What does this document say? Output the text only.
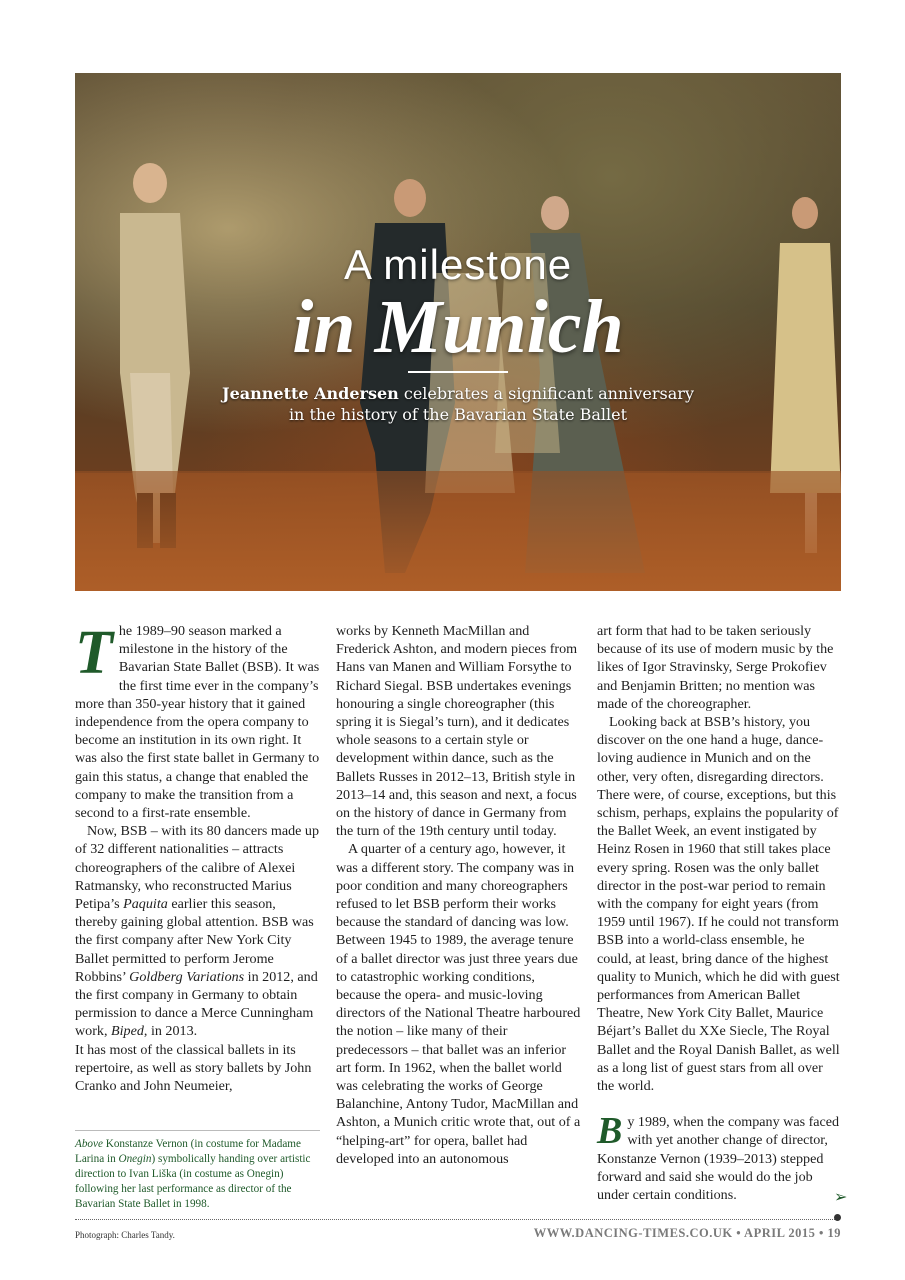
A milestone
in Munich
Jeannette Andersen celebrates a significant anniversary
in the history of the Bavarian State Ballet

The 1989–90 season marked a milestone in the history of the Bavarian State Ballet (BSB). It was the first time ever in the company’s more than 350-year history that it gained independence from the opera company to become an institution in its own right. It was also the first state ballet in Germany to gain this status, a change that enabled the company to make the transition from a second to a first-rate ensemble.

Now, BSB – with its 80 dancers made up of 32 different nationalities – attracts choreographers of the calibre of Alexei Ratmansky, who reconstructed Marius Petipa’s Paquita earlier this season, thereby gaining global attention. BSB was the first company after New York City Ballet permitted to perform Jerome Robbins’ Goldberg Variations in 2012, and the first company in Germany to obtain permission to dance a Merce Cunningham work, Biped, in 2013.

It has most of the classical ballets in its repertoire, as well as story ballets by John Cranko and John Neumeier,

works by Kenneth MacMillan and Frederick Ashton, and modern pieces from Hans van Manen and William Forsythe to Richard Siegal. BSB undertakes evenings honouring a single choreographer (this spring it is Siegal’s turn), and it dedicates whole seasons to a certain style or development within dance, such as the Ballets Russes in 2012–13, British style in 2013–14 and, this season and next, a focus on the history of dance in Germany from the turn of the 19th century until today.

A quarter of a century ago, however, it was a different story. The company was in poor condition and many choreographers refused to let BSB perform their works because the standard of dancing was low. Between 1945 to 1989, the average tenure of a ballet director was just three years due to catastrophic working conditions, because the opera- and music-loving directors of the National Theatre harboured the notion – like many of their predecessors – that ballet was an inferior art form. In 1962, when the ballet world was celebrating the works of George Balanchine, Antony Tudor, MacMillan and Ashton, a Munich critic wrote that, out of a “helping-art” for opera, ballet had developed into an autonomous

art form that had to be taken seriously because of its use of modern music by the likes of Igor Stravinsky, Serge Prokofiev and Benjamin Britten; no mention was made of the choreographer.

Looking back at BSB’s history, you discover on the one hand a huge, dance-loving audience in Munich and on the other, very often, disregarding directors. There were, of course, exceptions, but this schism, perhaps, explains the popularity of the Ballet Week, an event instigated by Heinz Rosen in 1960 that still takes place every spring. Rosen was the only ballet director in the post-war period to remain with the company for eight years (from 1959 until 1967). If he could not transform BSB into a world-class ensemble, he could, at least, bring dance of the highest quality to Munich, which he did with guest performances from American Ballet Theatre, New York City Ballet, Maurice Béjart’s Ballet du XXe Siecle, The Royal Ballet and the Royal Danish Ballet, as well as a long list of guest stars from all over the world.

By 1989, when the company was faced with yet another change of director, Konstanze Vernon (1939–2013) stepped forward and said she would do the job under certain conditions.

Above Konstanze Vernon (in costume for Madame Larina in Onegin) symbolically handing over artistic direction to Ivan Liška (in costume as Onegin) following her last performance as director of the Bavarian State Ballet in 1998.	➢
Photograph: Charles Tandy.	WWW.DANCING-TIMES.CO.UK • APRIL 2015 • 19
